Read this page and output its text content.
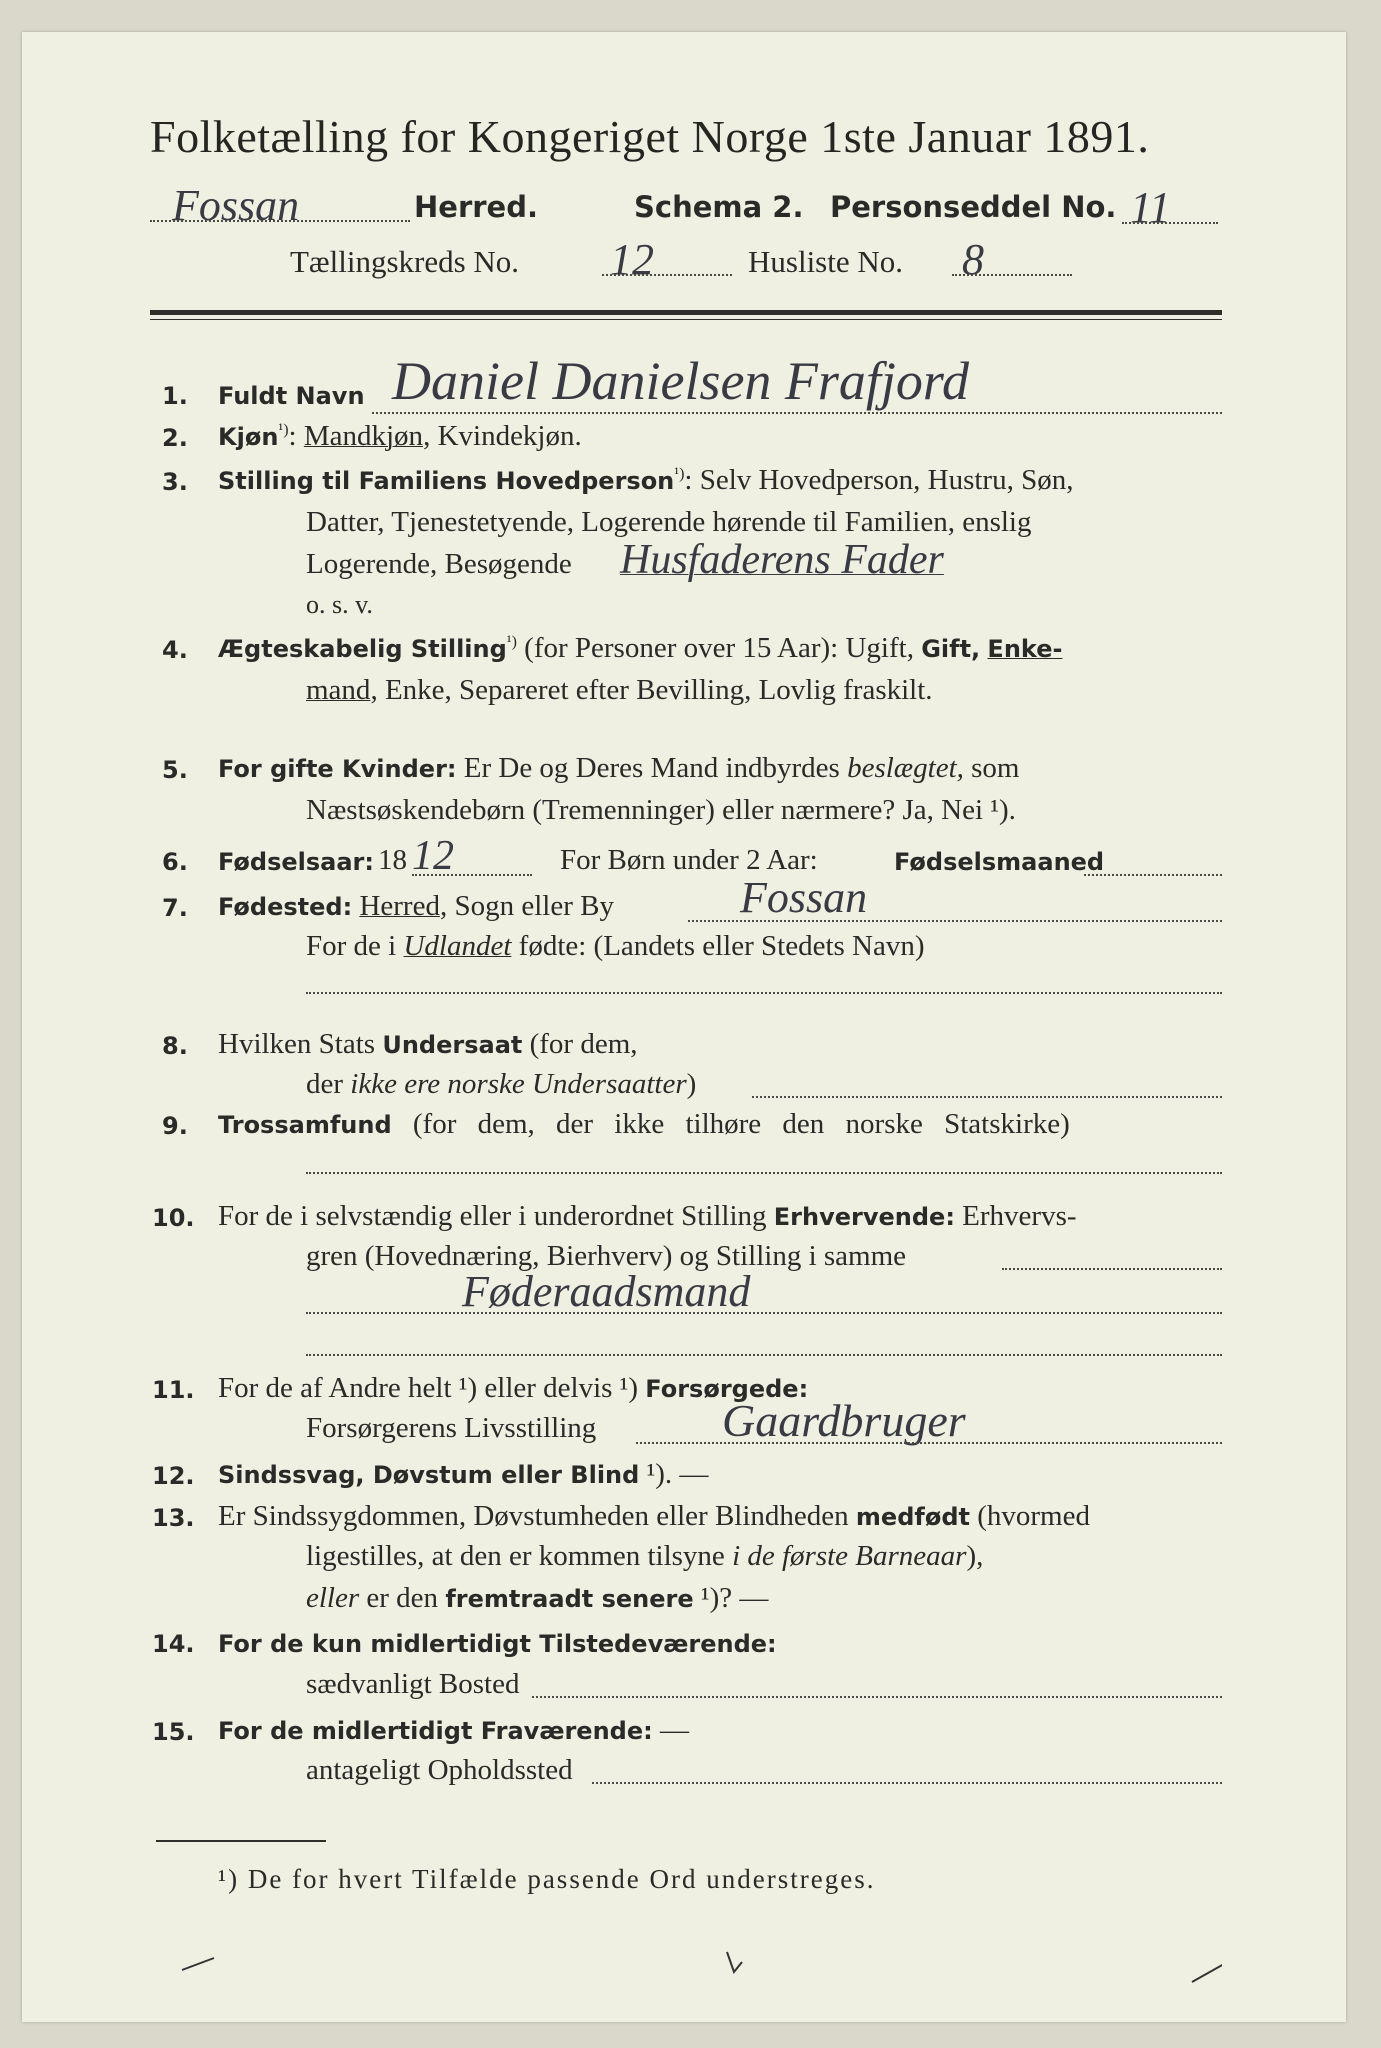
Folketælling for Kongeriget Norge 1ste Januar 1891.
Fossan	Herred.	Schema 2. Personseddel No. 11
Tællingskreds No. 12	Husliste No. 8
1. Fuldt Navn Daniel Danielsen Frafjord
2. Kjøn$^{^1)}$: Mandkjøn, Kvindekjøn.
3. Stilling til Familiens Hovedperson$^{^1)}$: Selv Hovedperson, Hustru, Søn,
Datter, Tjenestetyende, Logerende hørende til Familien, enslig
Logerende, Besøgende Husfaderens Fader
o. s. v.
4. Ægteskabelig Stilling$^{^1)}$ (for Personer over 15 Aar): Ugift, Gift, Enke-
mand, Enke, Separeret efter Bevilling, Lovlig fraskilt.
5. For gifte Kvinder: Er De og Deres Mand indbyrdes beslægtet, som
Næstsøskendebørn (Tremenninger) eller nærmere? Ja, Nei ¹).
6. Fødselsaar: 18 12	For Børn under 2 Aar:	Fødselsmaaned
7. Fødested: Herred, Sogn eller By	Fossan
For de i Udlandet fødte: (Landets eller Stedets Navn)
8. Hvilken Stats Undersaat (for dem,
der ikke ere norske Undersaatter)
9. Trossamfund (for dem, der ikke tilhøre den norske Statskirke)
10. For de i selvstændig eller i underordnet Stilling Erhvervende: Erhvervs-
gren (Hovednæring, Bierhverv) og Stilling i samme
Føderaadsmand
11. For de af Andre helt ¹) eller delvis ¹) Forsørgede:
Forsørgerens Livsstilling	Gaardbruger
12. Sindssvag, Døvstum eller Blind ¹). —
13. Er Sindssygdommen, Døvstumheden eller Blindheden medfødt (hvormed
ligestilles, at den er kommen tilsyne i de første Barneaar),
eller er den fremtraadt senere ¹)? —
14. For de kun midlertidigt Tilstedeværende:
sædvanligt Bosted
15. For de midlertidigt Fraværende: —
antageligt Opholdssted
¹) De for hvert Tilfælde passende Ord understreges.
